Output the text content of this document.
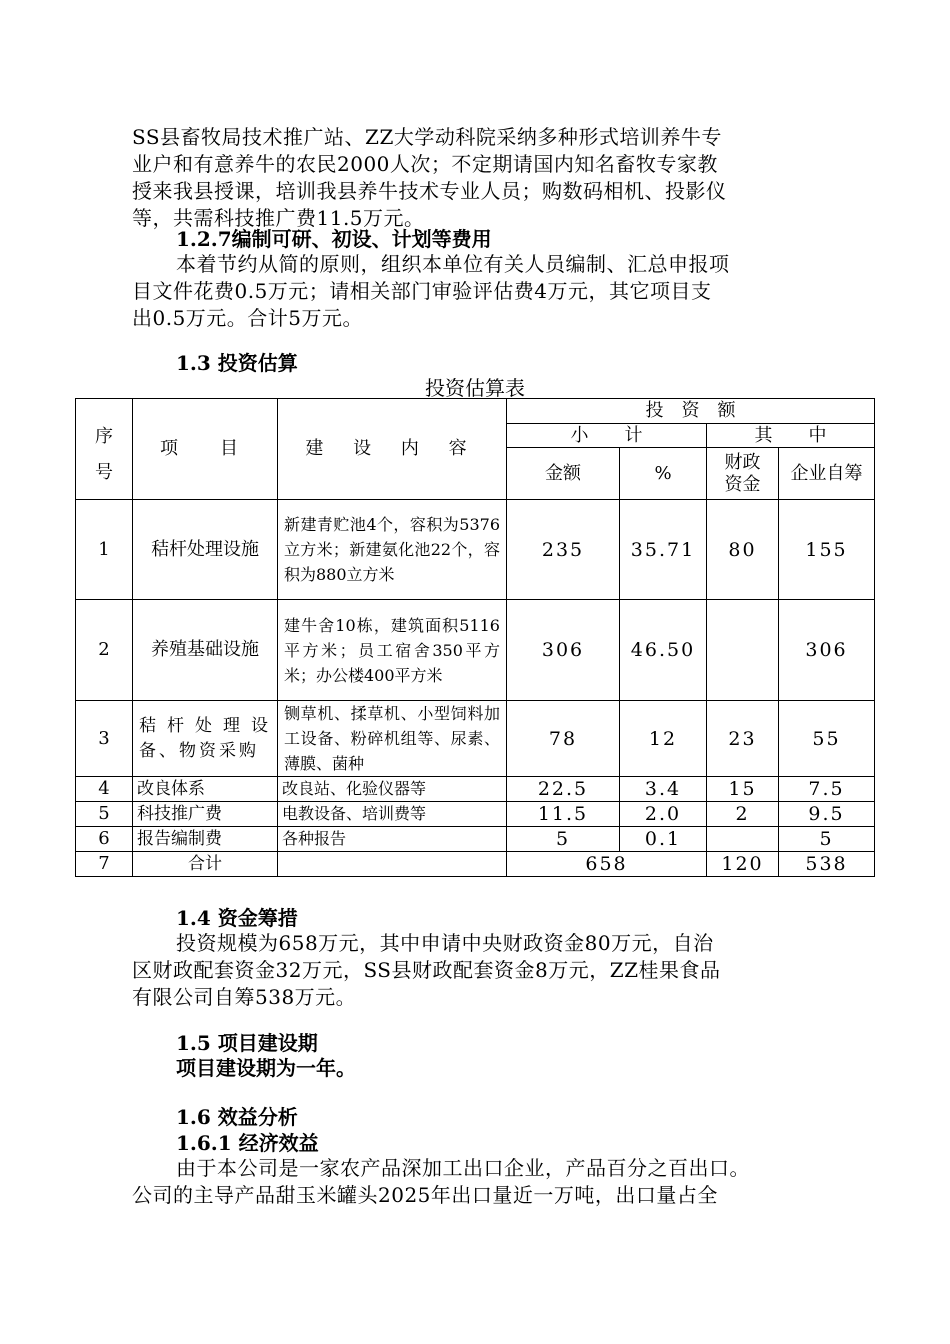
SS县畜牧局技术推广站、ZZ大学动科院采纳多种形式培训养牛专
业户和有意养牛的农民2000人次；不定期请国内知名畜牧专家教
授来我县授课，培训我县养牛技术专业人员；购数码相机、投影仪
等，共需科技推广费11.5万元。
1.2.7编制可研、初设、计划等费用
本着节约从简的原则，组织本单位有关人员编制、汇总申报项
目文件花费0.5万元；请相关部门审验评估费4万元，其它项目支
出0.5万元。合计5万元。
1.3 投资估算
投资估算表
序	项　目	建 设 内 容	投　资　额			
			小　　计		其　　中	
号			金额	%	财政资金	企业自筹
1	秸杆处理设施	新建青贮池4个，容积为5376 立方米；新建氨化池22个，容积为880立方米	235	35.71	80	155
2	养殖基础设施	建牛舍10栋，建筑面积5116平方米；员工宿舍350平方米；办公楼400平方米	306	46.50		306
3	秸杆处理设备、物资采购	铡草机、揉草机、小型饲料加工设备、粉碎机组等、尿素、薄膜、菌种	78	12	23	55
4	改良体系	改良站、化验仪器等	22.5	3.4	15	7.5
5	科技推广费	电教设备、培训费等	11.5	2.0	2	9.5
6	报告编制费	各种报告	5	0.1		5
7	合计		658		120	538
1.4 资金筹措
投资规模为658万元，其中申请中央财政资金80万元，自治
区财政配套资金32万元，SS县财政配套资金8万元，ZZ桂果食品
有限公司自筹538万元。
1.5 项目建设期
项目建设期为一年。
1.6 效益分析
1.6.1 经济效益
由于本公司是一家农产品深加工出口企业，产品百分之百出口。
公司的主导产品甜玉米罐头2025年出口量近一万吨，出口量占全
